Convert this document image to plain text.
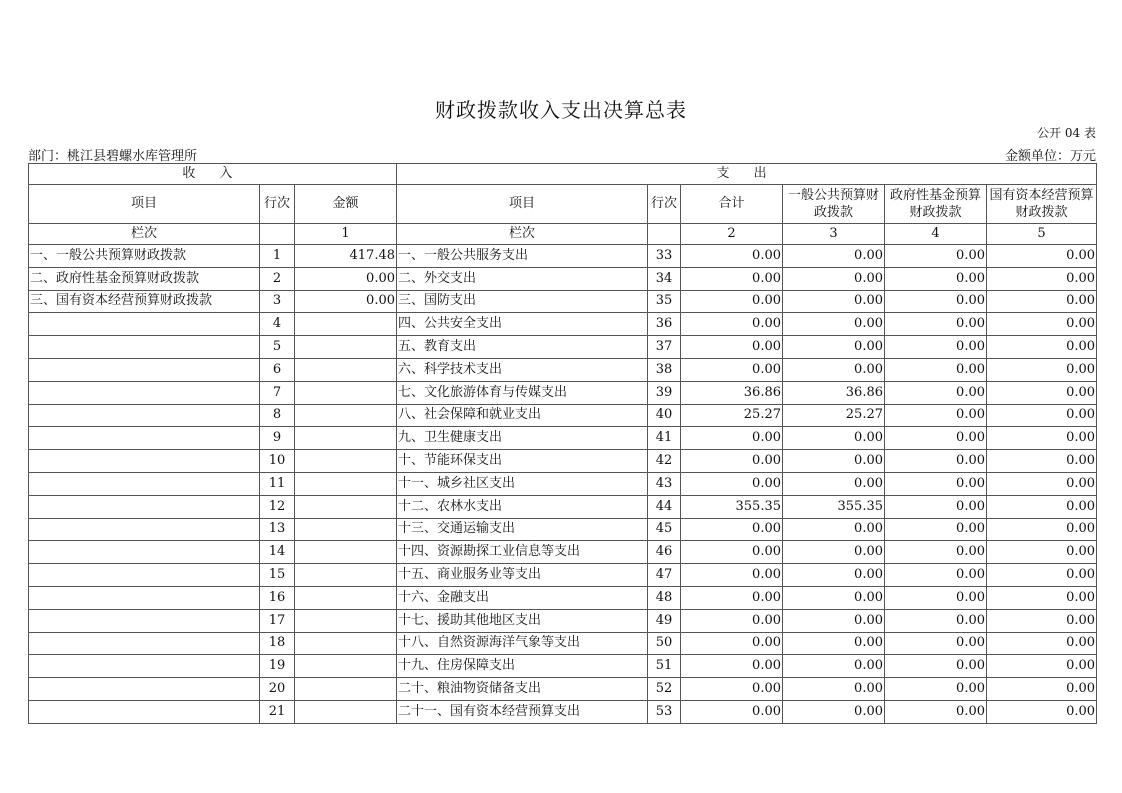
财政拨款收入支出决算总表
公开 04 表
部门：桃江县碧螺水库管理所	金额单位：万元
收 入			支 出					
项目	行次	金额	项目	行次	合计	一般公共预算财政拨款	政府性基金预算财政拨款	国有资本经营预算财政拨款
栏次		1	栏次		2	3	4	5
一、一般公共预算财政拨款	1	417.48	一、一般公共服务支出	33	0.00	0.00	0.00	0.00
二、政府性基金预算财政拨款	2	0.00	二、外交支出	34	0.00	0.00	0.00	0.00
三、国有资本经营预算财政拨款	3	0.00	三、国防支出	35	0.00	0.00	0.00	0.00
	4		四、公共安全支出	36	0.00	0.00	0.00	0.00
	5		五、教育支出	37	0.00	0.00	0.00	0.00
	6		六、科学技术支出	38	0.00	0.00	0.00	0.00
	7		七、文化旅游体育与传媒支出	39	36.86	36.86	0.00	0.00
	8		八、社会保障和就业支出	40	25.27	25.27	0.00	0.00
	9		九、卫生健康支出	41	0.00	0.00	0.00	0.00
	10		十、节能环保支出	42	0.00	0.00	0.00	0.00
	11		十一、城乡社区支出	43	0.00	0.00	0.00	0.00
	12		十二、农林水支出	44	355.35	355.35	0.00	0.00
	13		十三、交通运输支出	45	0.00	0.00	0.00	0.00
	14		十四、资源勘探工业信息等支出	46	0.00	0.00	0.00	0.00
	15		十五、商业服务业等支出	47	0.00	0.00	0.00	0.00
	16		十六、金融支出	48	0.00	0.00	0.00	0.00
	17		十七、援助其他地区支出	49	0.00	0.00	0.00	0.00
	18		十八、自然资源海洋气象等支出	50	0.00	0.00	0.00	0.00
	19		十九、住房保障支出	51	0.00	0.00	0.00	0.00
	20		二十、粮油物资储备支出	52	0.00	0.00	0.00	0.00
	21		二十一、国有资本经营预算支出	53	0.00	0.00	0.00	0.00
